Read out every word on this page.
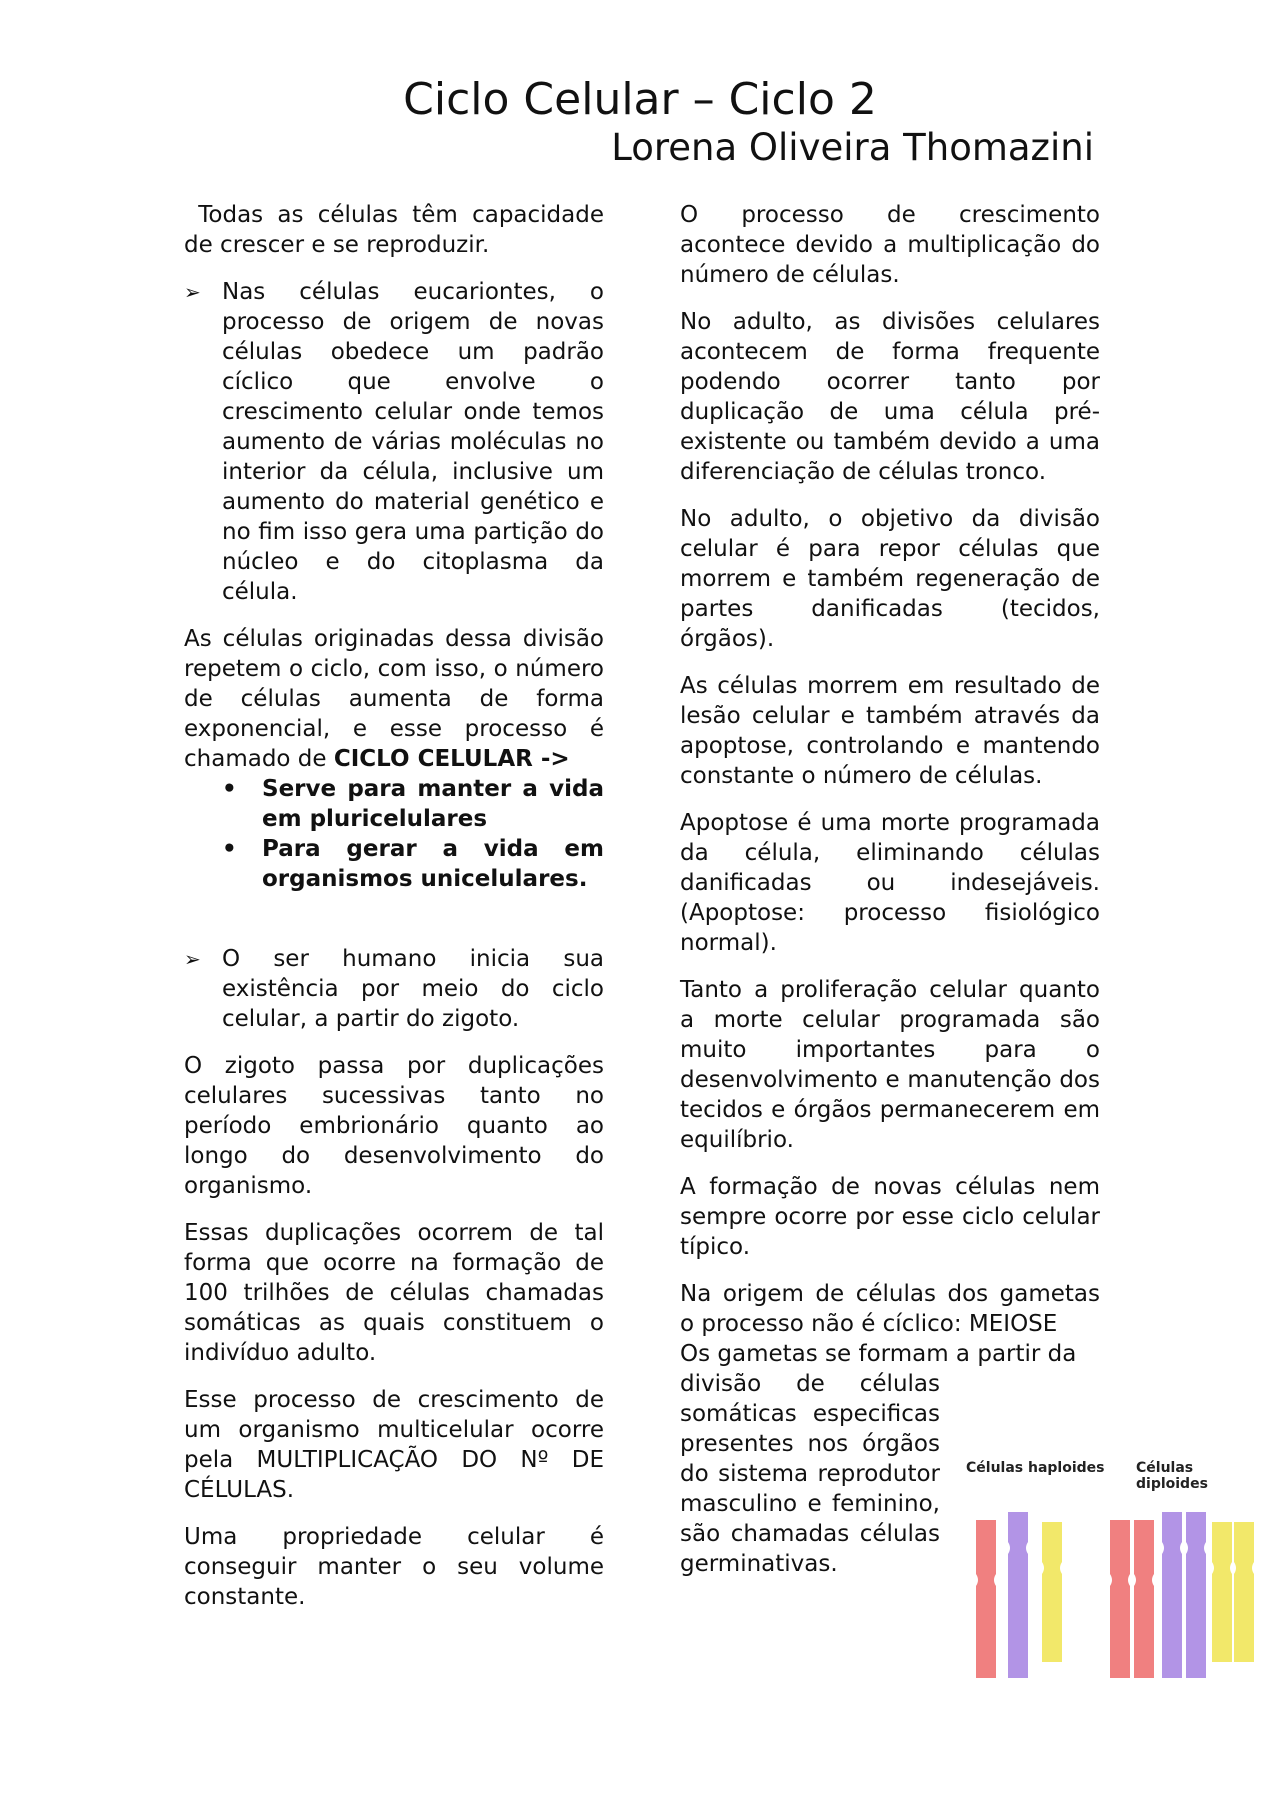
Ciclo Celular – Ciclo 2
Lorena Oliveira Thomazini

Todas as células têm capacidade de crescer e se reproduzir.

➢ Nas células eucariontes, o processo de origem de novas células obedece um padrão cíclico que envolve o crescimento celular onde temos aumento de várias moléculas no interior da célula, inclusive um aumento do material genético e no fim isso gera uma partição do núcleo e do citoplasma da célula.

As células originadas dessa divisão repetem o ciclo, com isso, o número de células aumenta de forma exponencial, e esse processo é chamado de CICLO CELULAR ->

• Serve para manter a vida em pluricelulares
• Para gerar a vida em organismos unicelulares.
➢ O ser humano inicia sua existência por meio do ciclo celular, a partir do zigoto.

O zigoto passa por duplicações celulares sucessivas tanto no período embrionário quanto ao longo do desenvolvimento do organismo.

Essas duplicações ocorrem de tal forma que ocorre na formação de 100 trilhões de células chamadas somáticas as quais constituem o indivíduo adulto.

Esse processo de crescimento de um organismo multicelular ocorre pela MULTIPLICAÇÃO DO Nº DE CÉLULAS.

Uma propriedade celular é conseguir manter o seu volume constante.

O processo de crescimento acontece devido a multiplicação do número de células.

No adulto, as divisões celulares acontecem de forma frequente podendo ocorrer tanto por duplicação de uma célula pré-existente ou também devido a uma diferenciação de células tronco.

No adulto, o objetivo da divisão celular é para repor células que morrem e também regeneração de partes danificadas (tecidos, órgãos).

As células morrem em resultado de lesão celular e também através da apoptose, controlando e mantendo constante o número de células.

Apoptose é uma morte programada da célula, eliminando células danificadas ou indesejáveis. (Apoptose: processo fisiológico normal).

Tanto a proliferação celular quanto a morte celular programada são muito importantes para o desenvolvimento e manutenção dos tecidos e órgãos permanecerem em equilíbrio.

A formação de novas células nem sempre ocorre por esse ciclo celular típico.

Na origem de células dos gametas o processo não é cíclico: MEIOSE

Os gametas se formam a partir da
divisão de células somáticas especificas presentes nos órgãos do sistema reprodutor masculino e feminino, são chamadas células germinativas.
Células haploides Células diploides
